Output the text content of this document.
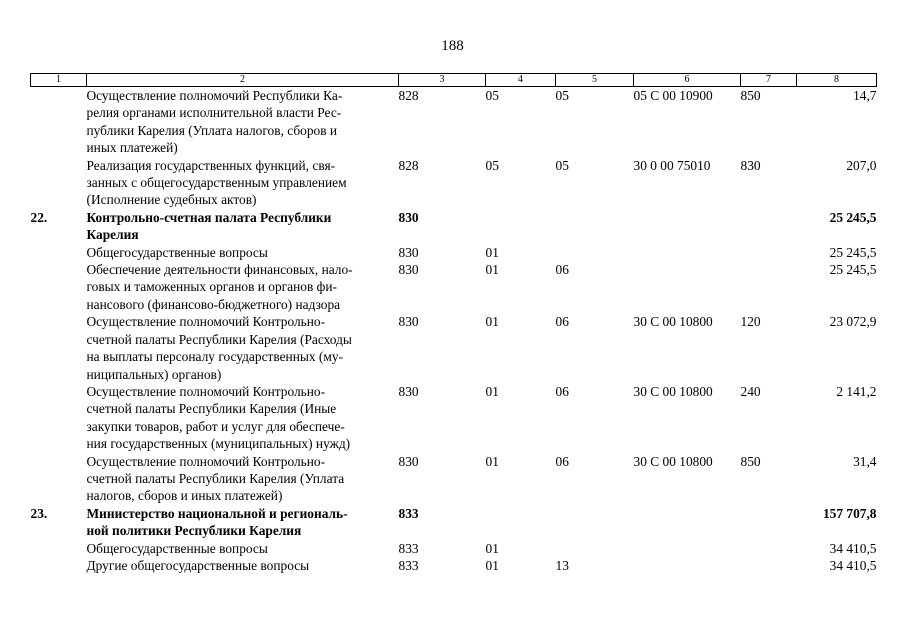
188
1	2	3	4	5	6	7	8
	Осуществление полномочий Республики Ка-
релия органами исполнительной власти Рес-
публики Карелия (Уплата налогов, сборов и
иных платежей)	828	05	05	05 С 00 10900	850	14,7
	Реализация государственных функций, свя-
занных с общегосударственным управлением
(Исполнение судебных актов)	828	05	05	30 0 00 75010	830	207,0
22.	Контрольно-счетная палата Республики
Карелия	830					25 245,5
	Общегосударственные вопросы	830	01				25 245,5
	Обеспечение деятельности финансовых, нало-
говых и таможенных органов и органов фи-
нансового (финансово-бюджетного) надзора	830	01	06			25 245,5
	Осуществление полномочий Контрольно-
счетной палаты Республики Карелия (Расходы
на выплаты персоналу государственных (му-
ниципальных) органов)	830	01	06	30 С 00 10800	120	23 072,9
	Осуществление полномочий Контрольно-
счетной палаты Республики Карелия (Иные
закупки товаров, работ и услуг для обеспече-
ния государственных (муниципальных) нужд)	830	01	06	30 С 00 10800	240	2 141,2
	Осуществление полномочий Контрольно-
счетной палаты Республики Карелия (Уплата
налогов, сборов и иных платежей)	830	01	06	30 С 00 10800	850	31,4
23.	Министерство национальной и региональ-
ной политики Республики Карелия	833					157 707,8
	Общегосударственные вопросы	833	01				34 410,5
	Другие общегосударственные вопросы	833	01	13			34 410,5
